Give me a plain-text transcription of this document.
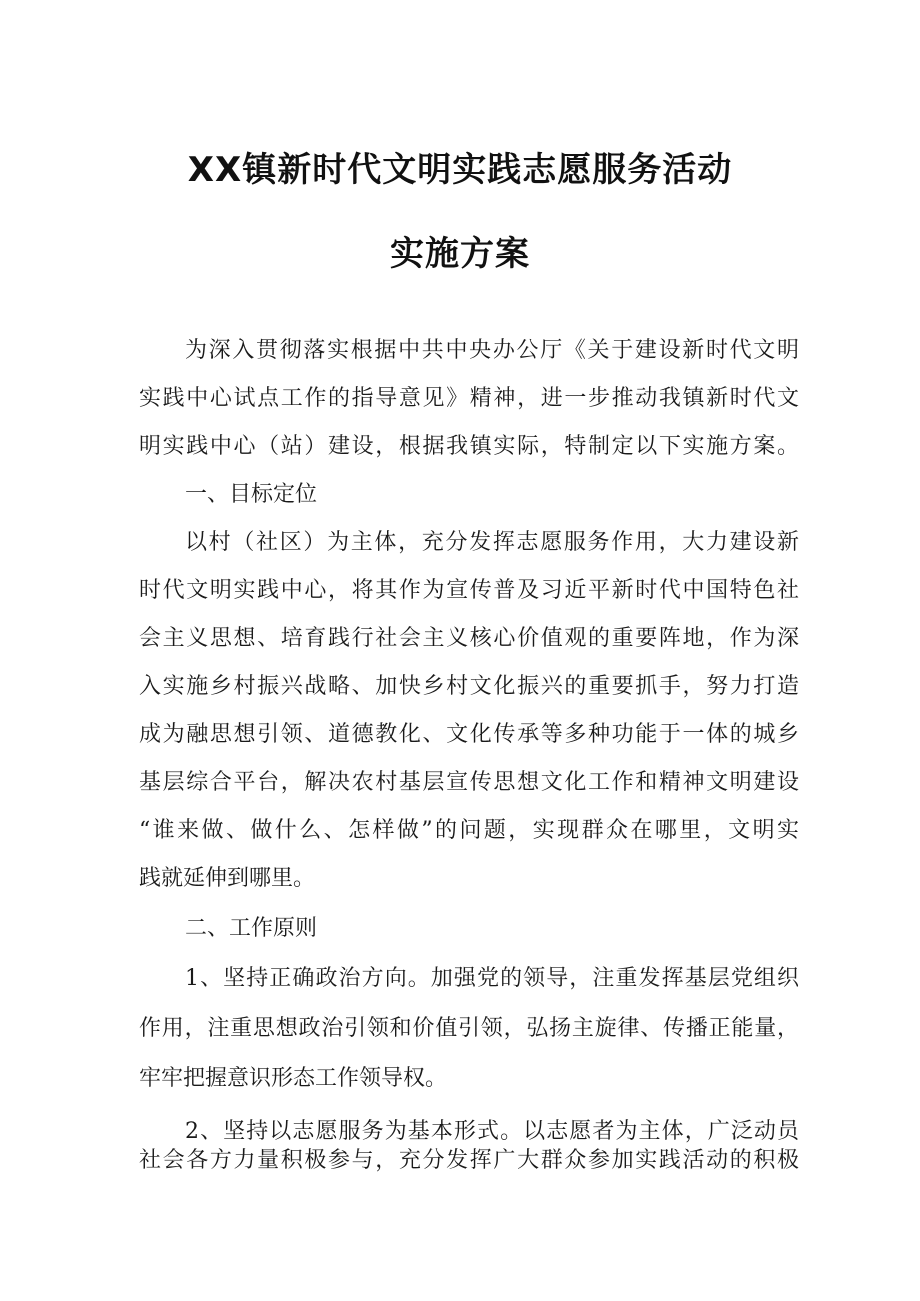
XX镇新时代文明实践志愿服务活动
实施方案
为深入贯彻落实根据中共中央办公厅《关于建设新时代文明
实践中心试点工作的指导意见》精神，进一步推动我镇新时代文
明实践中心（站）建设，根据我镇实际，特制定以下实施方案。
一、目标定位
以村（社区）为主体，充分发挥志愿服务作用，大力建设新
时代文明实践中心，将其作为宣传普及习近平新时代中国特色社
会主义思想、培育践行社会主义核心价值观的重要阵地，作为深
入实施乡村振兴战略、加快乡村文化振兴的重要抓手，努力打造
成为融思想引领、道德教化、文化传承等多种功能于一体的城乡
基层综合平台，解决农村基层宣传思想文化工作和精神文明建设
“谁来做、做什么、怎样做”的问题，实现群众在哪里，文明实
践就延伸到哪里。
二、工作原则
1、坚持正确政治方向。加强党的领导，注重发挥基层党组织
作用，注重思想政治引领和价值引领，弘扬主旋律、传播正能量，
牢牢把握意识形态工作领导权。
2、坚持以志愿服务为基本形式。以志愿者为主体，广泛动员
社会各方力量积极参与，充分发挥广大群众参加实践活动的积极
